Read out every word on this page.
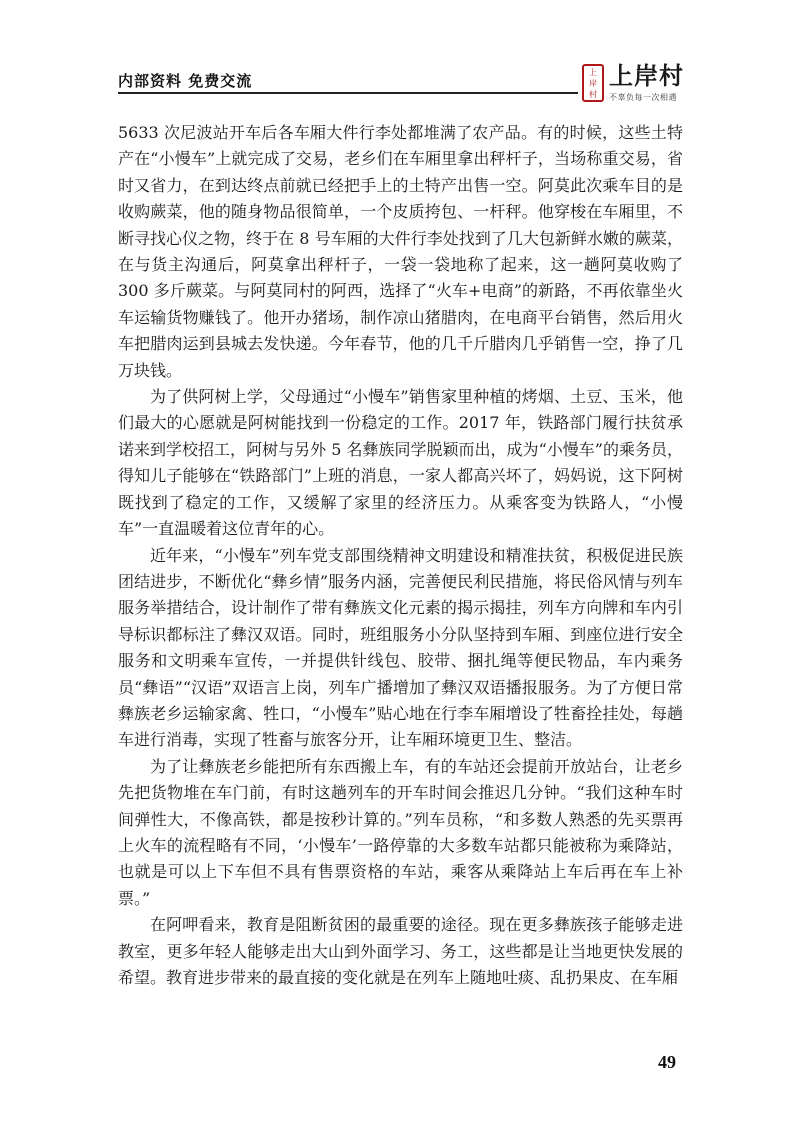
内部资料 免费交流	上
岸
村
上岸村
不辜负每一次相遇

5633 次尼波站开车后各车厢大件行李处都堆满了农产品。有的时候，这些土特产在“小慢车”上就完成了交易，老乡们在车厢里拿出秤杆子，当场称重交易，省时又省力，在到达终点前就已经把手上的土特产出售一空。阿莫此次乘车目的是收购蕨菜，他的随身物品很简单，一个皮质挎包、一杆秤。他穿梭在车厢里，不断寻找心仪之物，终于在 8 号车厢的大件行李处找到了几大包新鲜水嫩的蕨菜，在与货主沟通后，阿莫拿出秤杆子，一袋一袋地称了起来，这一趟阿莫收购了 300 多斤蕨菜。与阿莫同村的阿西，选择了“火车+电商”的新路，不再依靠坐火车运输货物赚钱了。他开办猪场，制作凉山猪腊肉，在电商平台销售，然后用火车把腊肉运到县城去发快递。今年春节，他的几千斤腊肉几乎销售一空，挣了几万块钱。

为了供阿树上学，父母通过“小慢车”销售家里种植的烤烟、土豆、玉米，他们最大的心愿就是阿树能找到一份稳定的工作。2017 年，铁路部门履行扶贫承诺来到学校招工，阿树与另外 5 名彝族同学脱颖而出，成为“小慢车”的乘务员，得知儿子能够在“铁路部门”上班的消息，一家人都高兴坏了，妈妈说，这下阿树既找到了稳定的工作，又缓解了家里的经济压力。从乘客变为铁路人，“小慢车”一直温暖着这位青年的心。

近年来，“小慢车”列车党支部围绕精神文明建设和精准扶贫，积极促进民族团结进步，不断优化“彝乡情”服务内涵，完善便民利民措施，将民俗风情与列车服务举措结合，设计制作了带有彝族文化元素的揭示揭挂，列车方向牌和车内引导标识都标注了彝汉双语。同时，班组服务小分队坚持到车厢、到座位进行安全服务和文明乘车宣传，一并提供针线包、胶带、捆扎绳等便民物品，车内乘务员“彝语”“汉语”双语言上岗，列车广播增加了彝汉双语播报服务。为了方便日常彝族老乡运输家禽、牲口，“小慢车”贴心地在行李车厢增设了牲畜拴挂处，每趟车进行消毒，实现了牲畜与旅客分开，让车厢环境更卫生、整洁。

为了让彝族老乡能把所有东西搬上车，有的车站还会提前开放站台，让老乡先把货物堆在车门前，有时这趟列车的开车时间会推迟几分钟。“我们这种车时间弹性大，不像高铁，都是按秒计算的。”列车员称，“和多数人熟悉的先买票再上火车的流程略有不同，‘小慢车’一路停靠的大多数车站都只能被称为乘降站，也就是可以上下车但不具有售票资格的车站，乘客从乘降站上车后再在车上补票。”

在阿呷看来，教育是阻断贫困的最重要的途径。现在更多彝族孩子能够走进教室，更多年轻人能够走出大山到外面学习、务工，这些都是让当地更快发展的希望。教育进步带来的最直接的变化就是在列车上随地吐痰、乱扔果皮、在车厢

49
